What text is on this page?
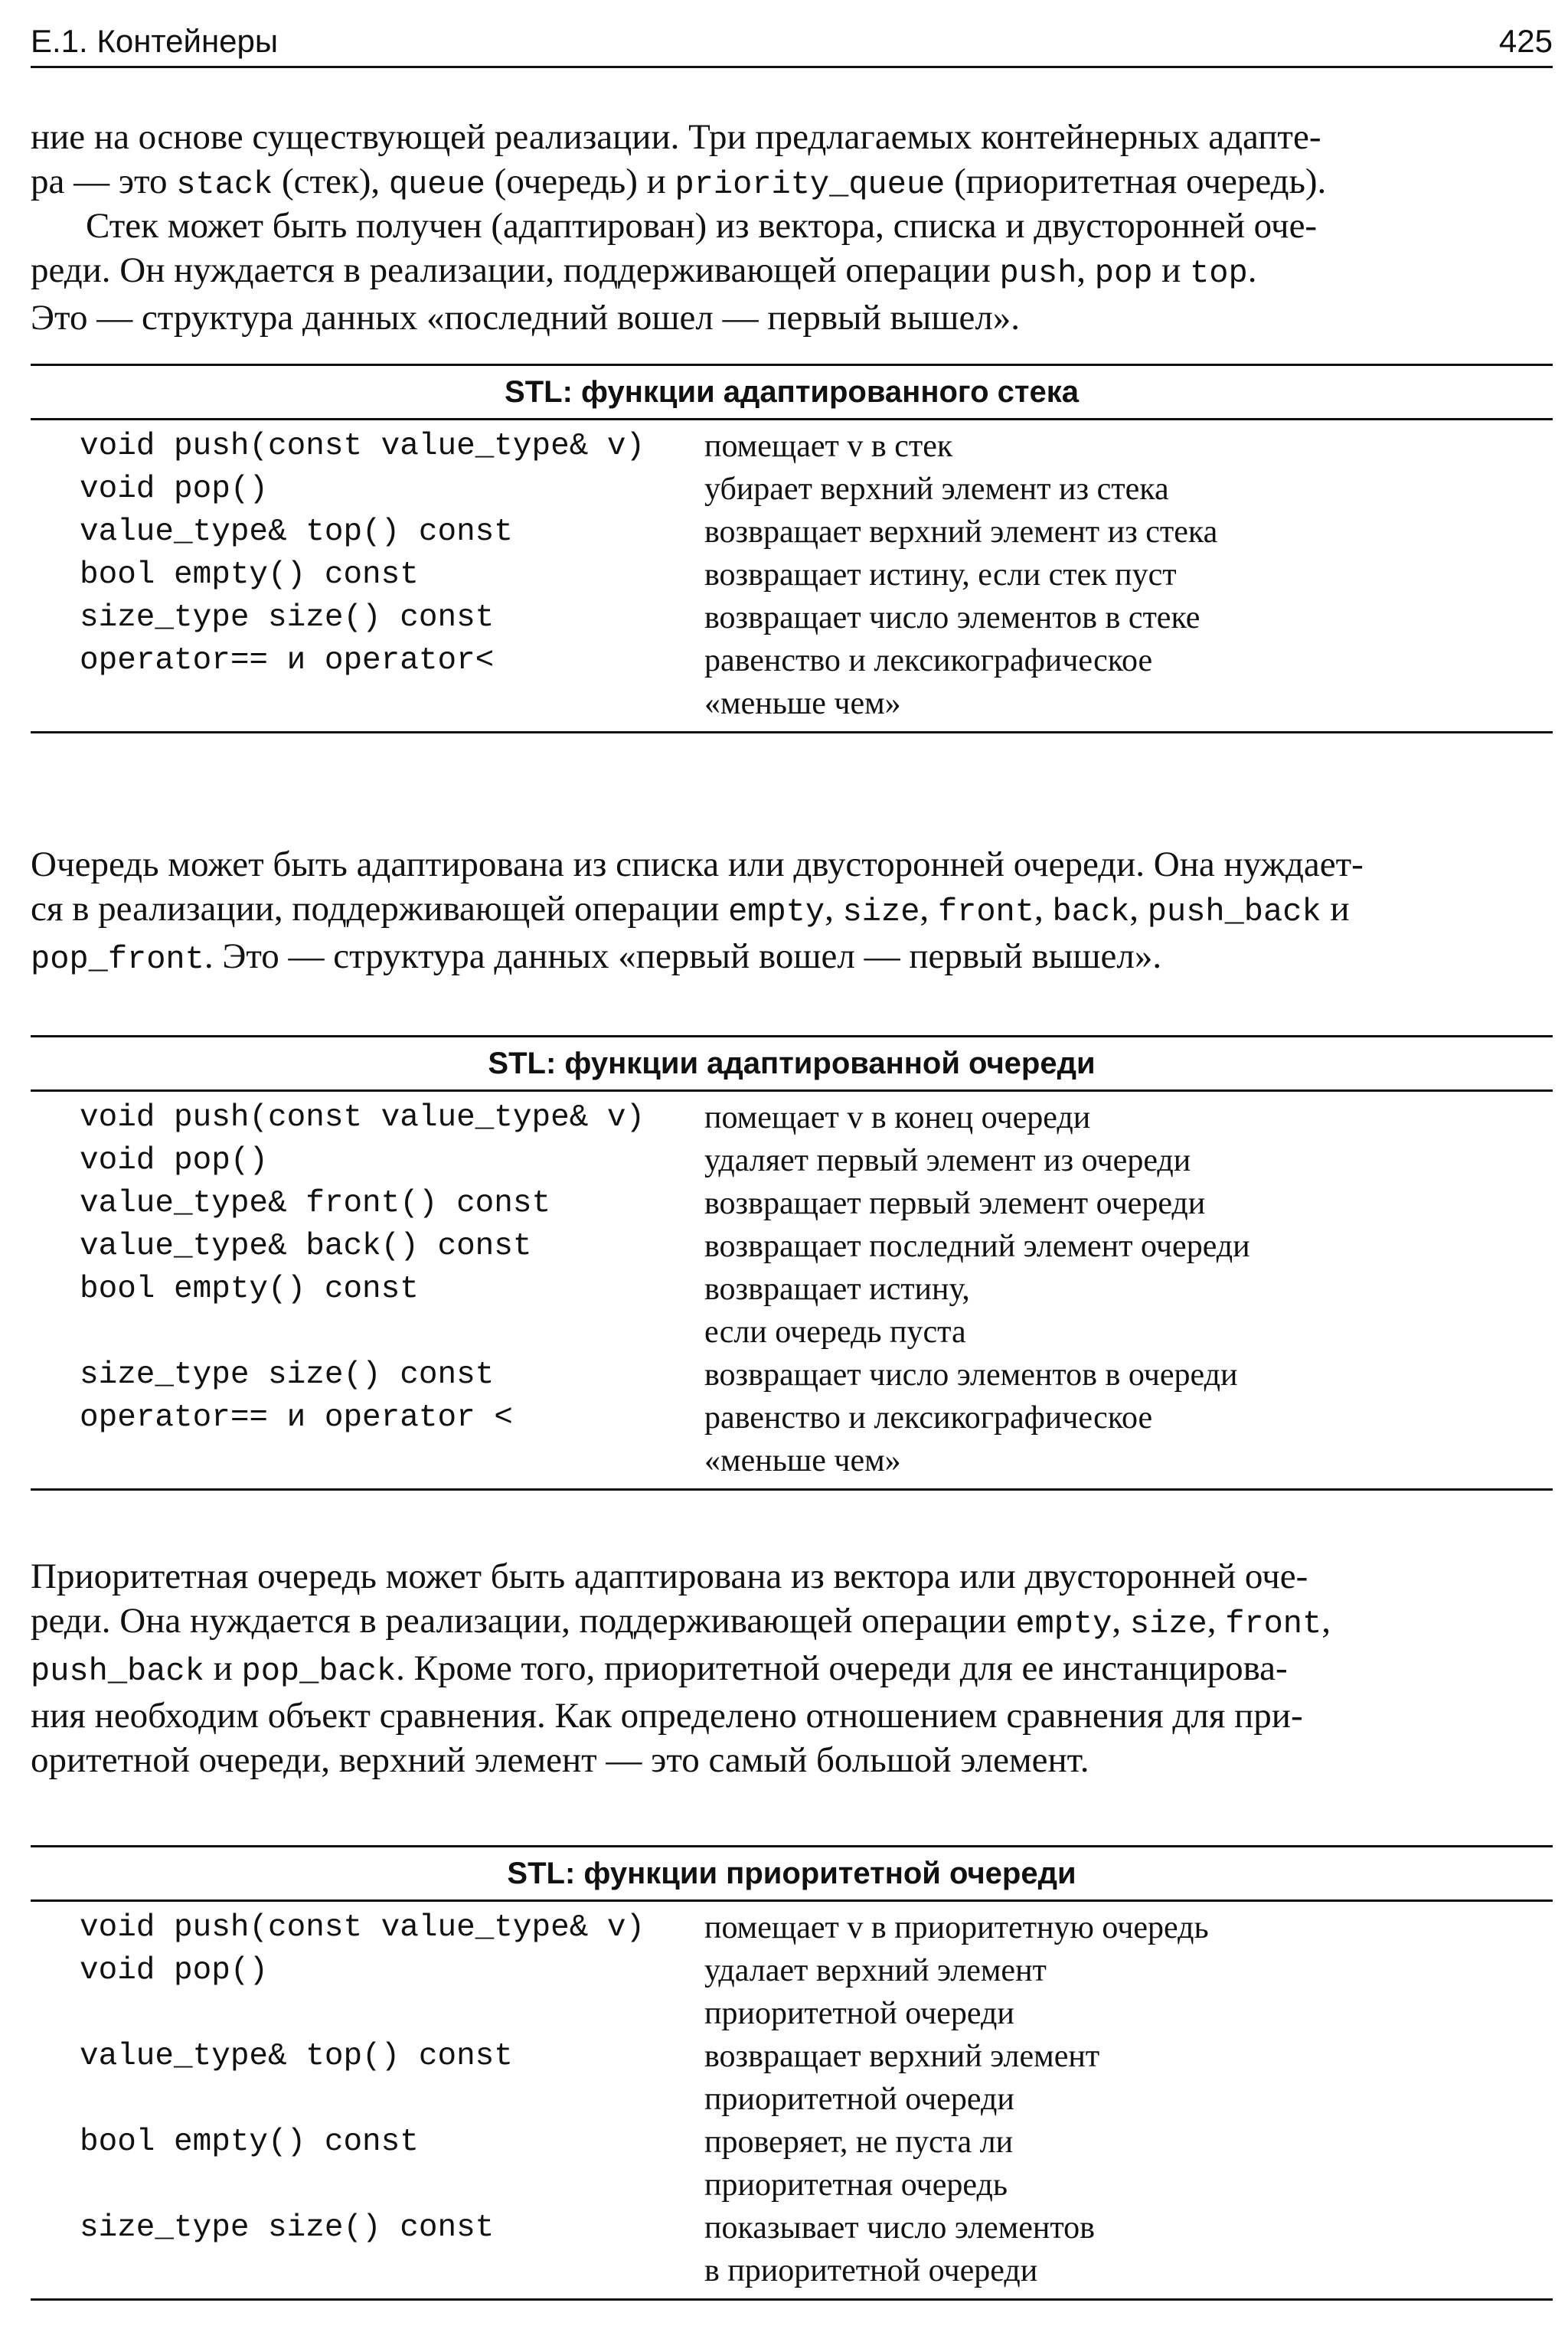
Е.1. Контейнеры	425

ние на основе существующей реализации. Три предлагаемых контейнерных адапте-
ра — это stack (стек), queue (очередь) и priority_queue (приоритетная очередь).

Стек может быть получен (адаптирован) из вектора, списка и двусторонней оче-
реди. Он нуждается в реализации, поддерживающей операции push, pop и top.
Это — структура данных «последний вошел — первый вышел».

STL: функции адаптированного стека
void push(const value_type& v)	помещает v в стек
void pop()	убирает верхний элемент из стека
value_type& top() const	возвращает верхний элемент из стека
bool empty() const	возвращает истину, если стек пуст
size_type size() const	возвращает число элементов в стеке
operator== и operator<	равенство и лексикографическое
«меньше чем»

Очередь может быть адаптирована из списка или двусторонней очереди. Она нуждает-
ся в реализации, поддерживающей операции empty, size, front, back, push_back и
pop_front. Это — структура данных «первый вошел — первый вышел».

STL: функции адаптированной очереди
void push(const value_type& v)	помещает v в конец очереди
void pop()	удаляет первый элемент из очереди
value_type& front() const	возвращает первый элемент очереди
value_type& back() const	возвращает последний элемент очереди
bool empty() const	возвращает истину,
если очередь пуста
size_type size() const	возвращает число элементов в очереди
operator== и operator <	равенство и лексикографическое
«меньше чем»

Приоритетная очередь может быть адаптирована из вектора или двусторонней оче-
реди. Она нуждается в реализации, поддерживающей операции empty, size, front,
push_back и pop_back. Кроме того, приоритетной очереди для ее инстанцирова-
ния необходим объект сравнения. Как определено отношением сравнения для при-
оритетной очереди, верхний элемент — это самый большой элемент.

STL: функции приоритетной очереди
void push(const value_type& v)	помещает v в приоритетную очередь
void pop()	удалает верхний элемент
приоритетной очереди
value_type& top() const	возвращает верхний элемент
приоритетной очереди
bool empty() const	проверяет, не пуста ли
приоритетная очередь
size_type size() const	показывает число элементов
в приоритетной очереди
